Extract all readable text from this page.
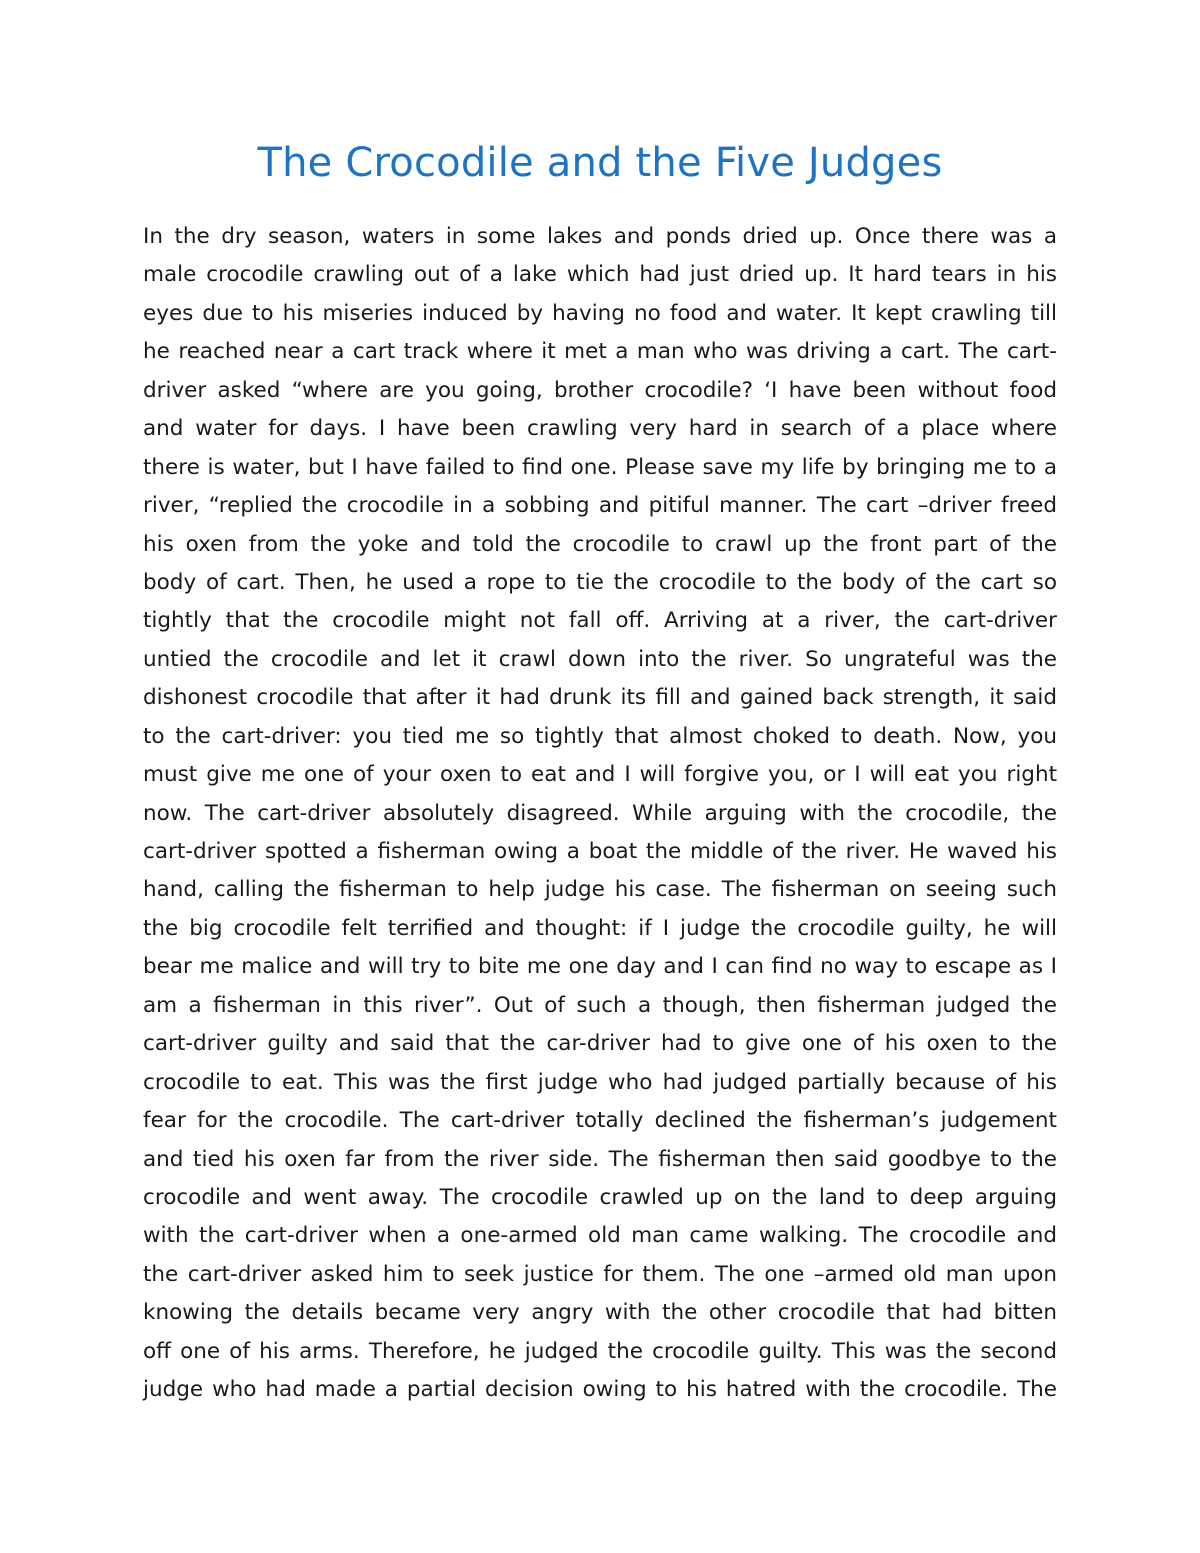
The Crocodile and the Five Judges
In the dry season, waters in some lakes and ponds dried up. Once there was a
male crocodile crawling out of a lake which had just dried up. It hard tears in his
eyes due to his miseries induced by having no food and water. It kept crawling till
he reached near a cart track where it met a man who was driving a cart. The cart-
driver asked “where are you going, brother crocodile? ‘I have been without food
and water for days. I have been crawling very hard in search of a place where
there is water, but I have failed to find one. Please save my life by bringing me to a
river, “replied the crocodile in a sobbing and pitiful manner. The cart –driver freed
his oxen from the yoke and told the crocodile to crawl up the front part of the
body of cart. Then, he used a rope to tie the crocodile to the body of the cart so
tightly that the crocodile might not fall off. Arriving at a river, the cart-driver
untied the crocodile and let it crawl down into the river. So ungrateful was the
dishonest crocodile that after it had drunk its fill and gained back strength, it said
to the cart-driver: you tied me so tightly that almost choked to death. Now, you
must give me one of your oxen to eat and I will forgive you, or I will eat you right
now. The cart-driver absolutely disagreed. While arguing with the crocodile, the
cart-driver spotted a fisherman owing a boat the middle of the river. He waved his
hand, calling the fisherman to help judge his case. The fisherman on seeing such
the big crocodile felt terrified and thought: if I judge the crocodile guilty, he will
bear me malice and will try to bite me one day and I can find no way to escape as I
am a fisherman in this river”. Out of such a though, then fisherman judged the
cart-driver guilty and said that the car-driver had to give one of his oxen to the
crocodile to eat. This was the first judge who had judged partially because of his
fear for the crocodile. The cart-driver totally declined the fisherman’s judgement
and tied his oxen far from the river side. The fisherman then said goodbye to the
crocodile and went away. The crocodile crawled up on the land to deep arguing
with the cart-driver when a one-armed old man came walking. The crocodile and
the cart-driver asked him to seek justice for them. The one –armed old man upon
knowing the details became very angry with the other crocodile that had bitten
off one of his arms. Therefore, he judged the crocodile guilty. This was the second
judge who had made a partial decision owing to his hatred with the crocodile. The
